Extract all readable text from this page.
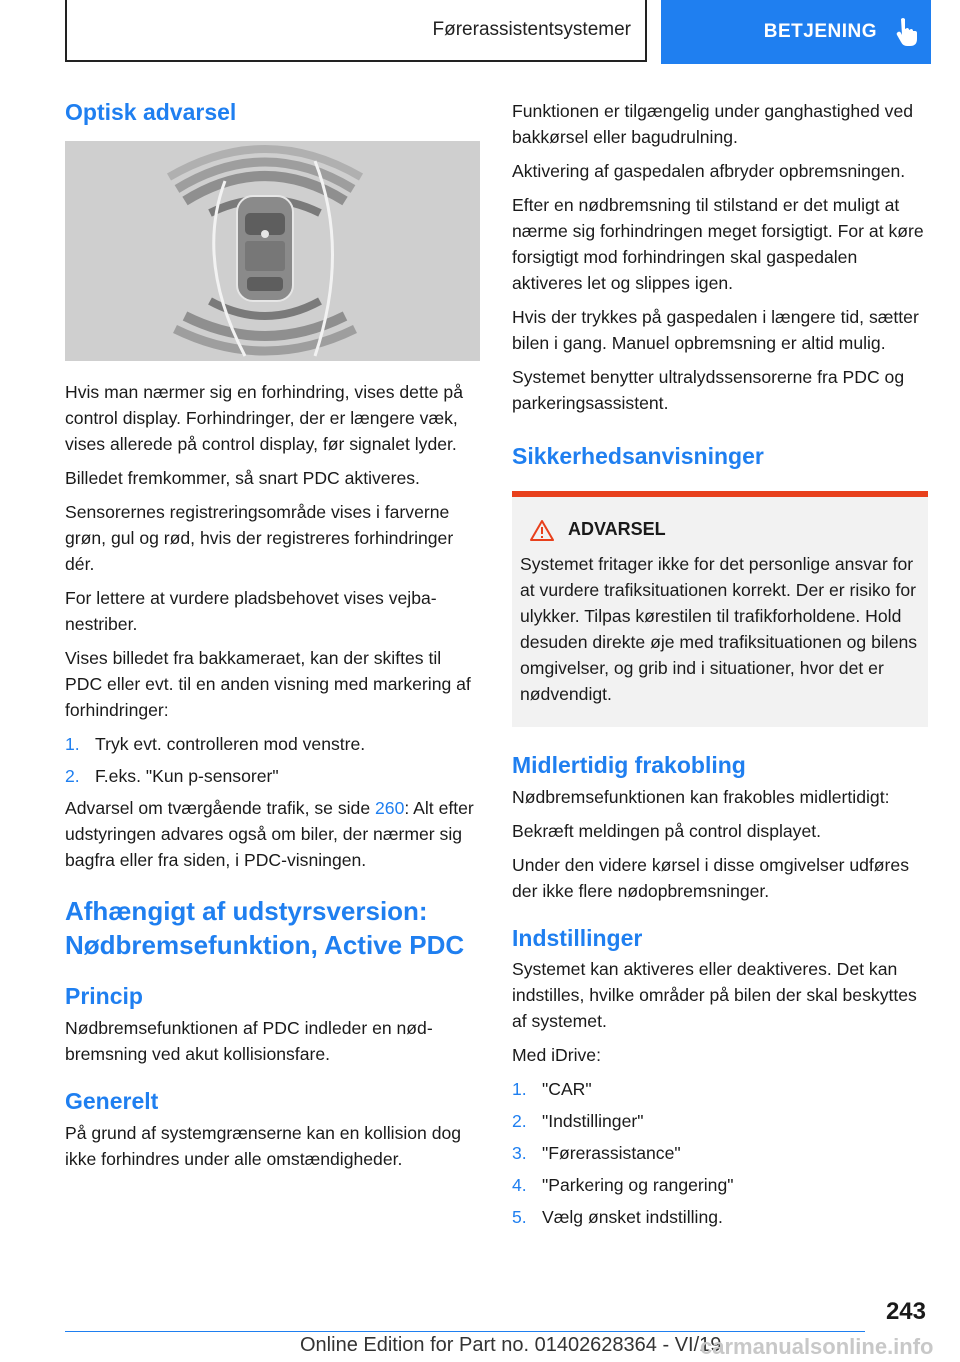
Førerassistentsystemer	BETJENING
Optisk advarsel

Hvis man nærmer sig en forhindring, vises dette på control display. Forhindringer, der er længere væk, vises allerede på control display, før signalet lyder.

Billedet fremkommer, så snart PDC aktiveres.

Sensorernes registreringsområde vises i farverne grøn, gul og rød, hvis der registreres forhindringer dér.

For lettere at vurdere pladsbehovet vises vejbanestriber.

Vises billedet fra bakkameraet, kan der skiftes til PDC eller evt. til en anden visning med markering af forhindringer:

1. Tryk evt. controlleren mod venstre.
2. F.eks. "Kun p-sensorer"

Advarsel om tværgående trafik, se side 260: Alt efter udstyringen advares også om biler, der nærmer sig bagfra eller fra siden, i PDC-visningen.

Afhængigt af udstyrsversion: Nødbremsefunktion, Active PDC
Princip

Nødbremsefunktionen af PDC indleder en nødbremsning ved akut kollisionsfare.

Generelt

På grund af systemgrænserne kan en kollision dog ikke forhindres under alle omstændigheder.

Funktionen er tilgængelig under ganghastighed ved bakkørsel eller bagudrulning.

Aktivering af gaspedalen afbryder opbremsningen.

Efter en nødbremsning til stilstand er det muligt at nærme sig forhindringen meget forsigtigt. For at køre forsigtigt mod forhindringen skal gaspedalen aktiveres let og slippes igen.

Hvis der trykkes på gaspedalen i længere tid, sætter bilen i gang. Manuel opbremsning er altid mulig.

Systemet benytter ultralydssensorerne fra PDC og parkeringsassistent.

Sikkerhedsanvisninger
ADVARSEL

Systemet fritager ikke for det personlige ansvar for at vurdere trafiksituationen korrekt. Der er risiko for ulykker. Tilpas kørestilen til trafikforholdene. Hold desuden direkte øje med trafiksituationen og bilens omgivelser, og grib ind i situationer, hvor det er nødvendigt.

Midlertidig frakobling

Nødbremsefunktionen kan frakobles midlertidigt:

Bekræft meldingen på control displayet.

Under den videre kørsel i disse omgivelser udføres der ikke flere nødopbremsninger.

Indstillinger

Systemet kan aktiveres eller deaktiveres. Det kan indstilles, hvilke områder på bilen der skal beskyttes af systemet.

Med iDrive:

1. "CAR"
2. "Indstillinger"
3. "Førerassistance"
4. "Parkering og rangering"
5. Vælg ønsket indstilling.
243
Online Edition for Part no. 01402628364 - VI/19
carmanualsonline.info
